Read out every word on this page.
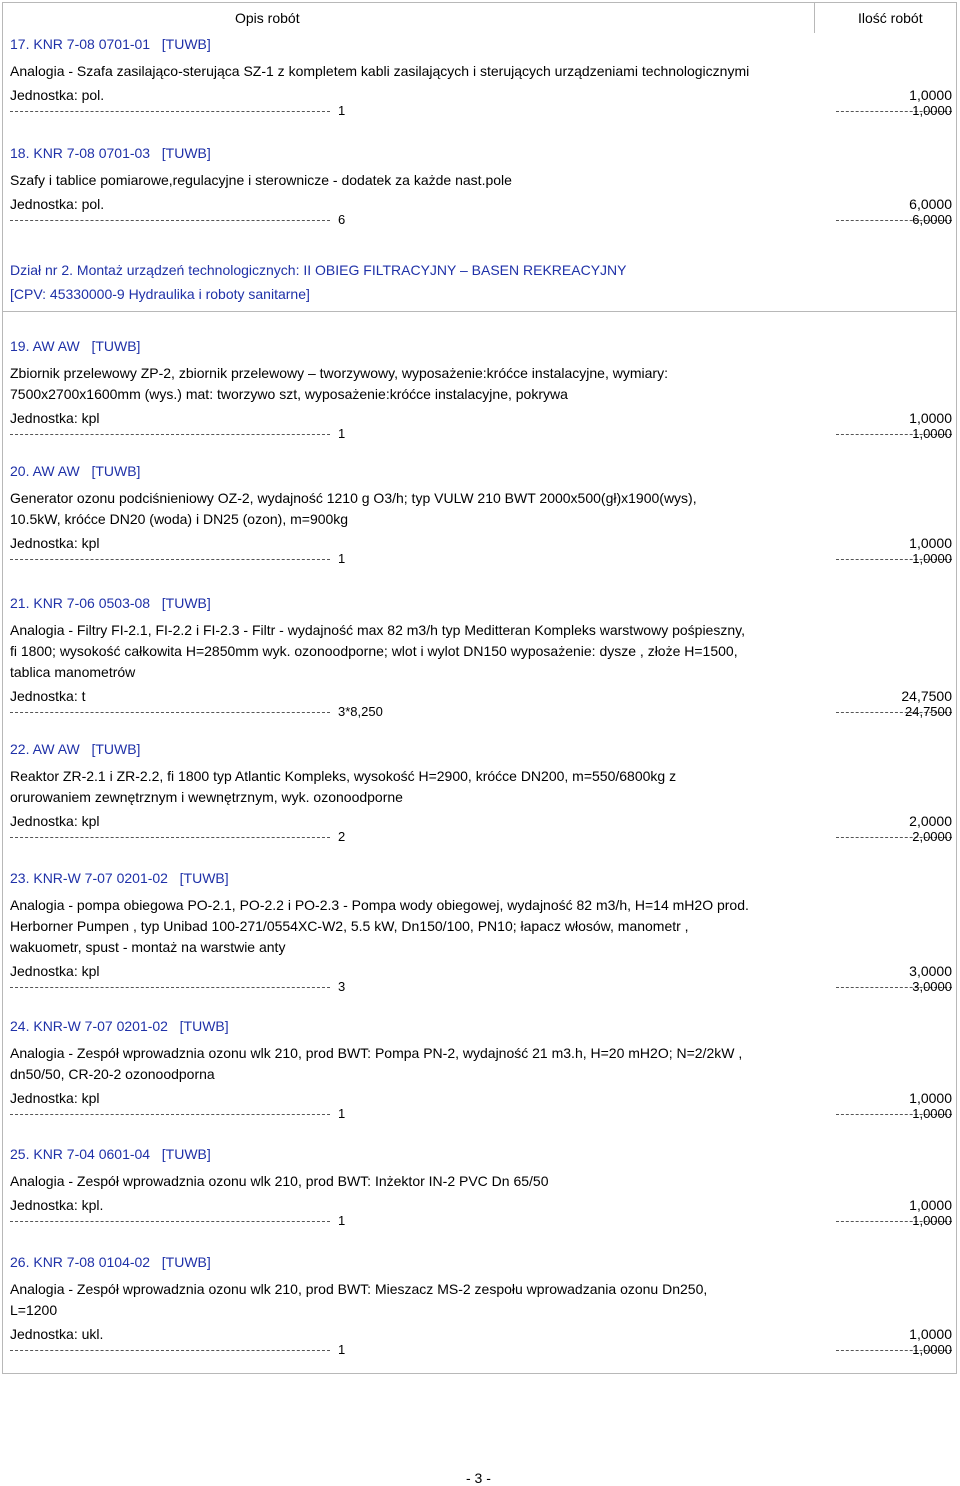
Opis robót	Ilość robót
17. KNR 7-08 0701-01 [TUWB]
Analogia - Szafa zasilająco-sterująca SZ-1 z kompletem kabli zasilających i sterujących urządzeniami technologicznymi
Jednostka: pol.	1,0000
1	1,0000
18. KNR 7-08 0701-03 [TUWB]
Szafy i tablice pomiarowe,regulacyjne i sterownicze - dodatek za każde nast.pole
Jednostka: pol.	6,0000
6	6,0000
19. AW AW [TUWB]
Zbiornik przelewowy ZP-2, zbiornik przelewowy – tworzywowy, wyposażenie:króćce instalacyjne, wymiary:
7500x2700x1600mm (wys.) mat: tworzywo szt, wyposażenie:króćce instalacyjne, pokrywa
Jednostka: kpl	1,0000
1	1,0000
20. AW AW [TUWB]
Generator ozonu podciśnieniowy OZ-2, wydajność 1210 g O3/h; typ VULW 210 BWT 2000x500(gł)x1900(wys),
10.5kW, króćce DN20 (woda) i DN25 (ozon), m=900kg
Jednostka: kpl	1,0000
1	1,0000
21. KNR 7-06 0503-08 [TUWB]
Analogia - Filtry FI-2.1, FI-2.2 i FI-2.3 - Filtr - wydajność max 82 m3/h typ Meditteran Kompleks warstwowy pośpieszny,
fi 1800; wysokość całkowita H=2850mm wyk. ozonoodporne; wlot i wylot DN150 wyposażenie: dysze , złoże H=1500,
tablica manometrów
Jednostka: t	24,7500
3*8,250	24,7500
22. AW AW [TUWB]
Reaktor ZR-2.1 i ZR-2.2, fi 1800 typ Atlantic Kompleks, wysokość H=2900, króćce DN200, m=550/6800kg z
orurowaniem zewnętrznym i wewnętrznym, wyk. ozonoodporne
Jednostka: kpl	2,0000
2	2,0000
23. KNR-W 7-07 0201-02 [TUWB]
Analogia - pompa obiegowa PO-2.1, PO-2.2 i PO-2.3 - Pompa wody obiegowej, wydajność 82 m3/h, H=14 mH2O prod.
Herborner Pumpen , typ Unibad 100-271/0554XC-W2, 5.5 kW, Dn150/100, PN10; łapacz włosów, manometr ,
wakuometr, spust - montaż na warstwie anty
Jednostka: kpl	3,0000
3	3,0000
24. KNR-W 7-07 0201-02 [TUWB]
Analogia - Zespół wprowadznia ozonu wlk 210, prod BWT: Pompa PN-2, wydajność 21 m3.h, H=20 mH2O; N=2/2kW ,
dn50/50, CR-20-2 ozonoodporna
Jednostka: kpl	1,0000
1	1,0000
25. KNR 7-04 0601-04 [TUWB]
Analogia - Zespół wprowadznia ozonu wlk 210, prod BWT: Inżektor IN-2 PVC Dn 65/50
Jednostka: kpl.	1,0000
1	1,0000
26. KNR 7-08 0104-02 [TUWB]
Analogia - Zespół wprowadznia ozonu wlk 210, prod BWT: Mieszacz MS-2 zespołu wprowadzania ozonu Dn250,
L=1200
Jednostka: ukl.	1,0000
1	1,0000
Dział nr 2. Montaż urządzeń technologicznych: II OBIEG FILTRACYJNY – BASEN REKREACYJNY
[CPV: 45330000-9 Hydraulika i roboty sanitarne]
- 3 -
